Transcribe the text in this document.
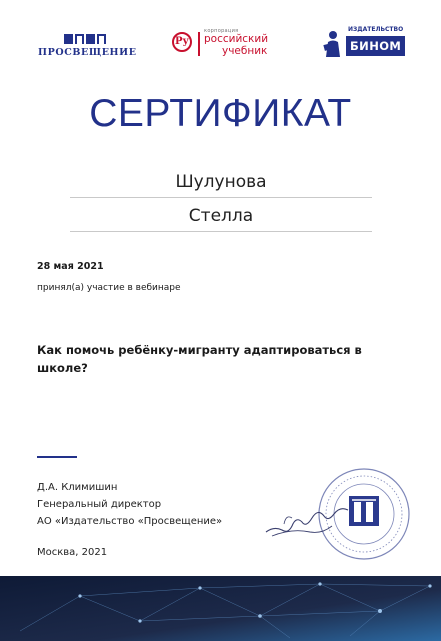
ПРОСВЕЩЕНИЕ
Ру
корпорация
российский
учебник
ИЗДАТЕЛЬСТВО
БИНОМ
СЕРТИФИКАТ
Шулунова
Стелла
28 мая 2021
принял(а) участие в вебинаре
Как помочь ребёнку-мигранту адаптироваться в школе?
Д.А. Климишин
Генеральный директор
АО «Издательство «Просвещение»
Москва, 2021
